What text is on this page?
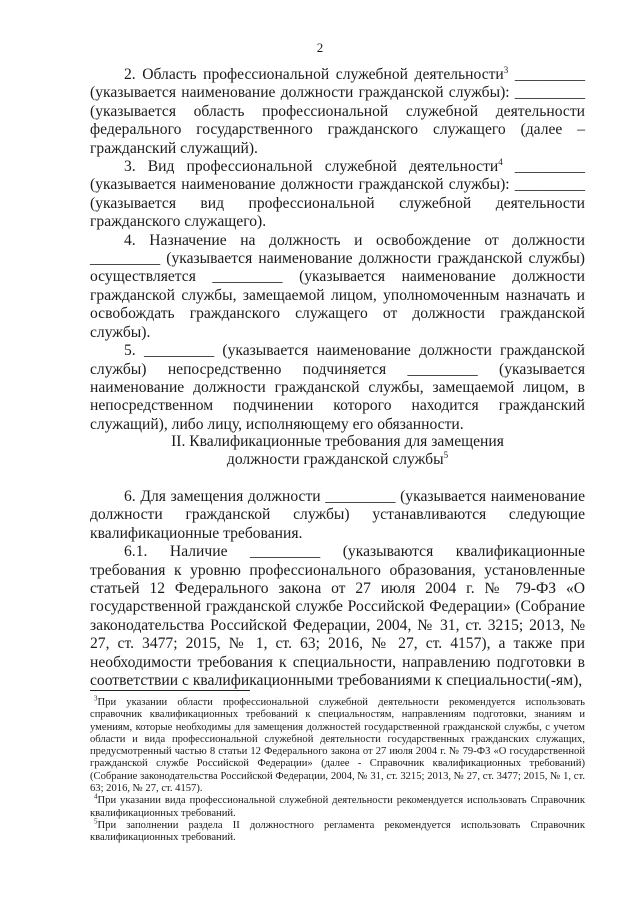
2

2. Область профессиональной служебной деятельности$^3$ _________ (указывается наименование должности гражданской службы): _________ (указывается область профессиональной служебной деятельности федерального государственного гражданского служащего (далее – гражданский служащий).

3. Вид профессиональной служебной деятельности$^4$ _________ (указывается наименование должности гражданской службы): _________ (указывается вид профессиональной служебной деятельности гражданского служащего).

4. Назначение на должность и освобождение от должности _________ (указывается наименование должности гражданской службы) осуществляется _________ (указывается наименование должности гражданской службы, замещаемой лицом, уполномоченным назначать и освобождать гражданского служащего от должности гражданской службы).

5. _________ (указывается наименование должности гражданской службы) непосредственно подчиняется _________ (указывается наименование должности гражданской службы, замещаемой лицом, в непосредственном подчинении которого находится гражданский служащий), либо лицу, исполняющему его обязанности.

II. Квалификационные требования для замещения
должности гражданской службы$^5$

6. Для замещения должности _________ (указывается наименование должности гражданской службы) устанавливаются следующие квалификационные требования.

6.1. Наличие _________ (указываются квалификационные требования к уровню профессионального образования, установленные статьей 12 Федерального закона от 27 июля 2004 г. № 79-ФЗ «О государственной гражданской службе Российской Федерации» (Собрание законодательства Российской Федерации, 2004, № 31, ст. 3215; 2013, № 27, ст. 3477; 2015, № 1, ст. 63; 2016, № 27, ст. 4157), а также при необходимости требования к специальности, направлению подготовки в соответствии с квалификационными требованиями к специальности(-ям),

$^3$При указании области профессиональной служебной деятельности рекомендуется использовать справочник квалификационных требований к специальностям, направлениям подготовки, знаниям и умениям, которые необходимы для замещения должностей государственной гражданской службы, с учетом области и вида профессиональной служебной деятельности государственных гражданских служащих, предусмотренный частью 8 статьи 12 Федерального закона от 27 июля 2004 г. № 79-ФЗ «О государственной гражданской службе Российской Федерации» (далее - Справочник квалификационных требований) (Собрание законодательства Российской Федерации, 2004, № 31, ст. 3215; 2013, № 27, ст. 3477; 2015, № 1, ст. 63; 2016, № 27, ст. 4157).

$^4$При указании вида профессиональной служебной деятельности рекомендуется использовать Справочник квалификационных требований.

$^5$При заполнении раздела II должностного регламента рекомендуется использовать Справочник квалификационных требований.
